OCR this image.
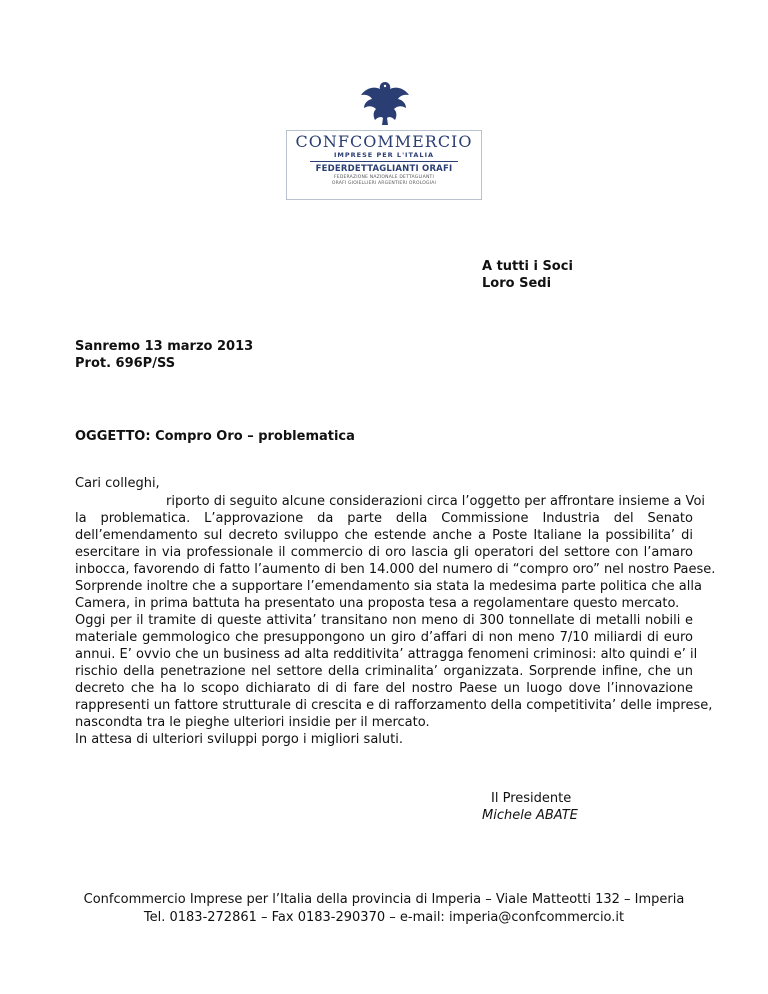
CONFCOMMERCIO
IMPRESE PER L'ITALIA
FEDERDETTAGLIANTI ORAFI
FEDERAZIONE NAZIONALE DETTAGLIANTI
ORAFI GIOIELLIERI ARGENTIERI OROLOGIAI
A tutti i Soci
Loro Sedi
Sanremo 13 marzo 2013
Prot. 696P/SS
OGGETTO: Compro Oro – problematica
Cari colleghi,
riporto di seguito alcune considerazioni circa l’oggetto per affrontare insieme a Voi
la problematica. L’approvazione da parte della Commissione Industria del Senato
dell’emendamento sul decreto sviluppo che estende anche a Poste Italiane la possibilita’ di
esercitare in via professionale il commercio di oro lascia gli operatori del settore con l’amaro
inbocca, favorendo di fatto l’aumento di ben 14.000 del numero di “compro oro” nel nostro Paese.
Sorprende inoltre che a supportare l’emendamento sia stata la medesima parte politica che alla
Camera, in prima battuta ha presentato una proposta tesa a regolamentare questo mercato.
Oggi per il tramite di queste attivita’ transitano non meno di 300 tonnellate di metalli nobili e
materiale gemmologico che presuppongono un giro d’affari di non meno 7/10 miliardi di euro
annui. E’ ovvio che un business ad alta redditivita’ attragga fenomeni criminosi: alto quindi e’ il
rischio della penetrazione nel settore della criminalita’ organizzata. Sorprende infine, che un
decreto che ha lo scopo dichiarato di di fare del nostro Paese un luogo dove l’innovazione
rappresenti un fattore strutturale di crescita e di rafforzamento della competitivita’ delle imprese,
nascondta tra le pieghe ulteriori insidie per il mercato.
In attesa di ulteriori sviluppi porgo i migliori saluti.
Il Presidente
Michele ABATE
Confcommercio Imprese per l’Italia della provincia di Imperia – Viale Matteotti 132 – Imperia
Tel. 0183-272861 – Fax 0183-290370 – e-mail: imperia@confcommercio.it
